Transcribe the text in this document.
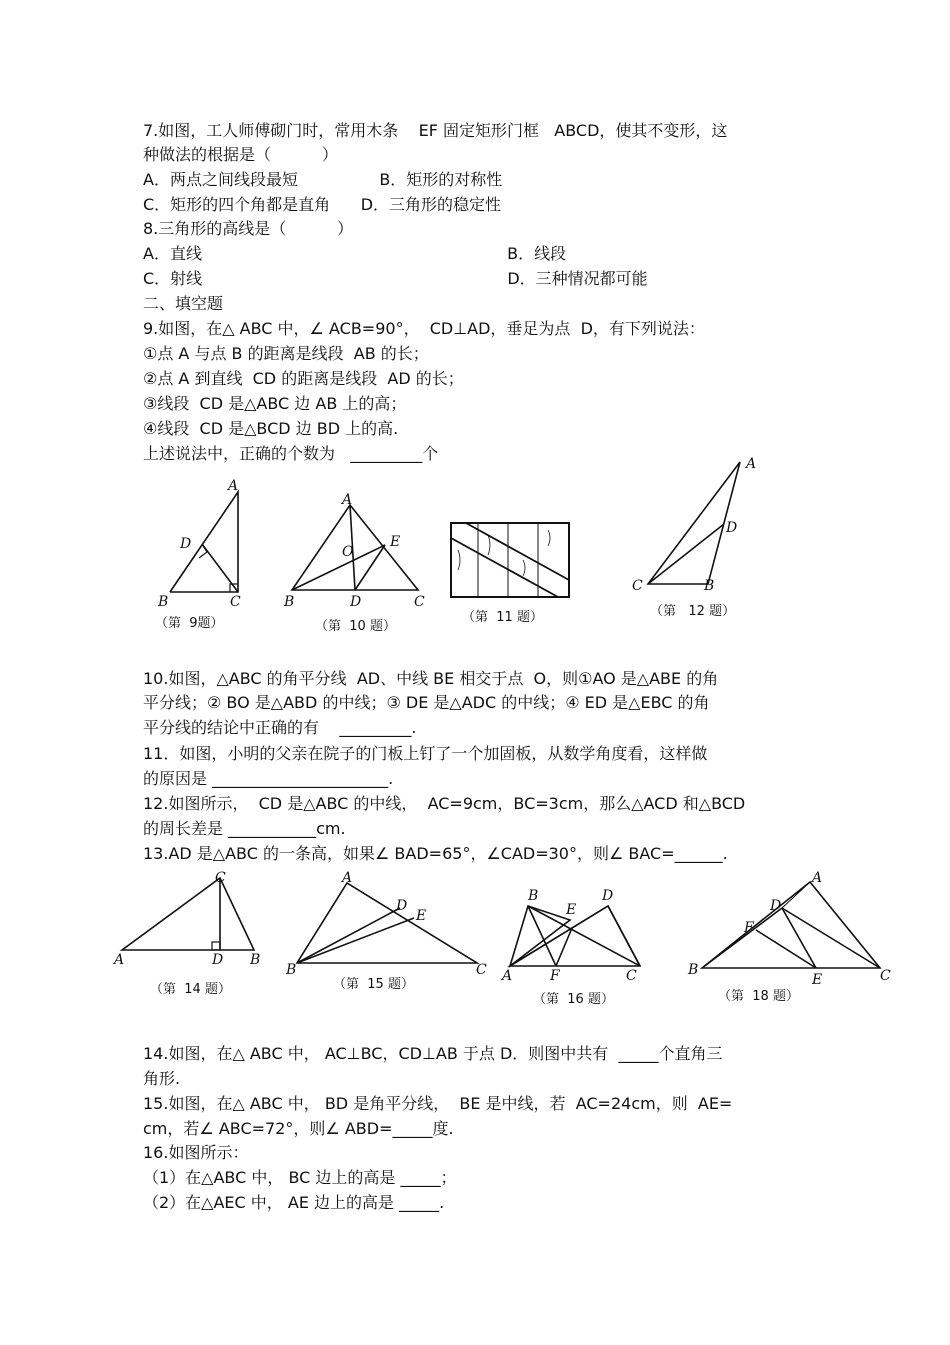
7.如图，工人师傅砌门时，常用木条    EF 固定矩形门框   ABCD，使其不变形，这
种做法的根据是（          ）
A．两点之间线段最短                B．矩形的对称性
C．矩形的四个角都是直角      D．三角形的稳定性
8.三角形的高线是（          ）
A．直线                                                            B．线段
C．射线                                                            D．三种情况都可能
二、填空题
9.如图，在△ ABC 中，∠ ACB=90°，  CD⊥AD，垂足为点  D，有下列说法：
①点 A 与点 B 的距离是线段  AB 的长；
②点 A 到直线  CD 的距离是线段  AD 的长；
③线段  CD 是△ABC 边 AB 上的高；
④线段  CD 是△BCD 边 BD 上的高.
上述说法中，正确的个数为   _________个
A
D
B	C
（第  9题）
A
O
E
B	D	C
（第  10 题）
（第  11 题）
A
D
C	B
（第   12 题）
10.如图，△ABC 的角平分线  AD、中线 BE 相交于点  O，则①AO 是△ABE 的角
平分线；② BO 是△ABD 的中线；③ DE 是△ADC 的中线；④ ED 是△EBC 的角
平分线的结论中正确的有    _________.
11．如图，小明的父亲在院子的门板上钉了一个加固板，从数学角度看，这样做
的原因是 ______________________.
12.如图所示，  CD 是△ABC 的中线，  AC=9cm，BC=3cm，那么△ACD 和△BCD
的周长差是 ___________cm.
13.AD 是△ABC 的一条高，如果∠ BAD=65°，∠CAD=30°，则∠ BAC=______.
C
A	D B
（第  14 题）
A
D
E
B	C
（第  15 题）
B	D
E
A	F	C
（第  16 题）
A
D
F
B
E	C
（第  18 题）
14.如图，在△ ABC 中， AC⊥BC，CD⊥AB 于点 D．则图中共有  _____个直角三
角形.
15.如图，在△ ABC 中， BD 是角平分线，  BE 是中线，若  AC=24cm，则  AE=
cm，若∠ ABC=72°，则∠ ABD=_____度.
16.如图所示：
（1）在△ABC 中， BC 边上的高是 _____；
（2）在△AEC 中， AE 边上的高是 _____.
